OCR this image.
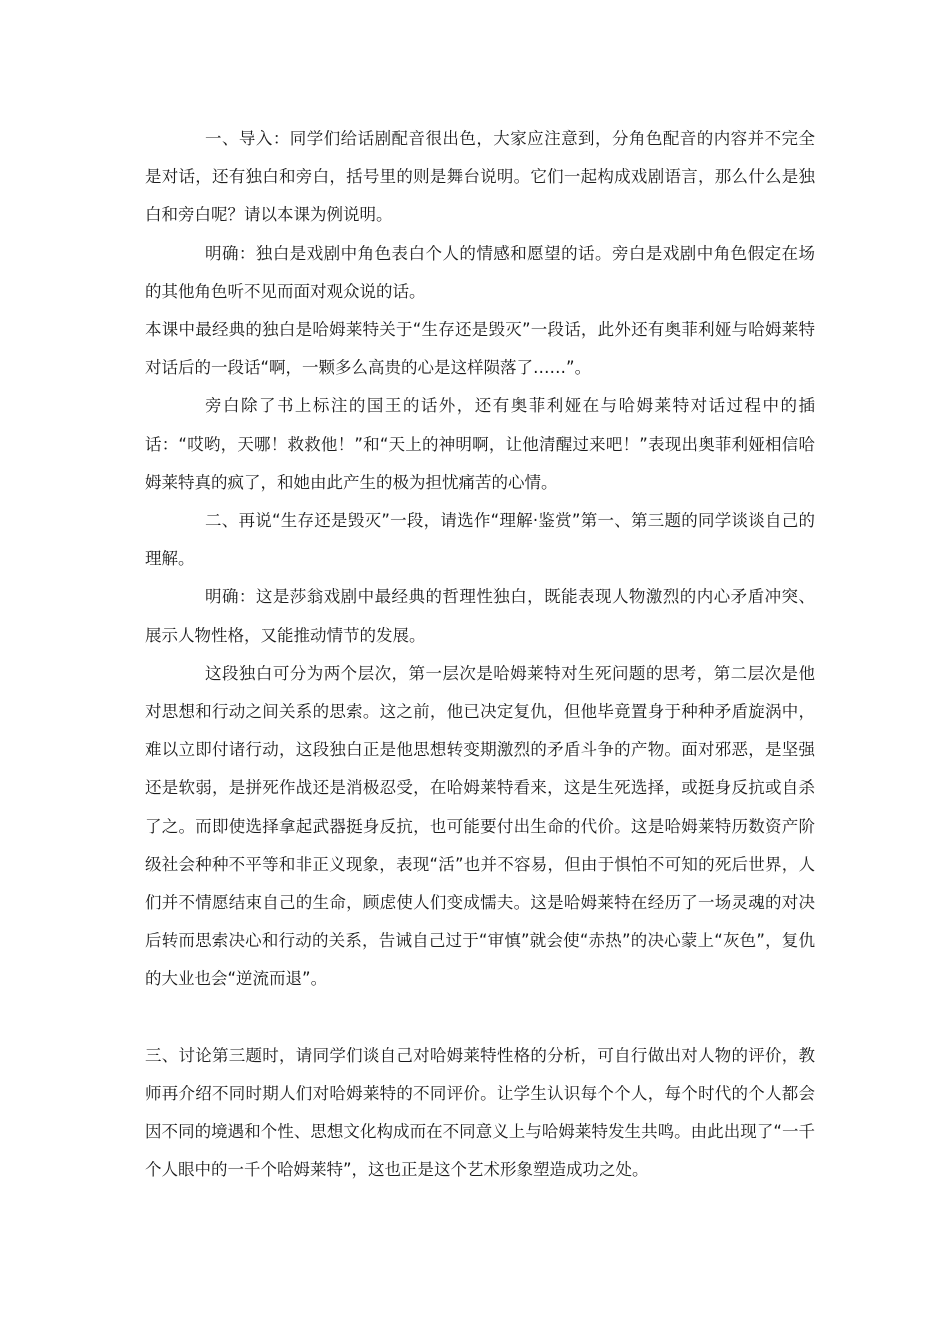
一、导入：同学们给话剧配音很出色，大家应注意到，分角色配音的内容并不完全是对话，还有独白和旁白，括号里的则是舞台说明。它们一起构成戏剧语言，那么什么是独白和旁白呢？请以本课为例说明。

明确：独白是戏剧中角色表白个人的情感和愿望的话。旁白是戏剧中角色假定在场的其他角色听不见而面对观众说的话。

本课中最经典的独白是哈姆莱特关于“生存还是毁灭”一段话，此外还有奥菲利娅与哈姆莱特对话后的一段话“啊，一颗多么高贵的心是这样陨落了……”。

旁白除了书上标注的国王的话外，还有奥菲利娅在与哈姆莱特对话过程中的插话：“哎哟，天哪！救救他！”和“天上的神明啊，让他清醒过来吧！”表现出奥菲利娅相信哈姆莱特真的疯了，和她由此产生的极为担忧痛苦的心情。

二、再说“生存还是毁灭”一段，请选作“理解·鉴赏”第一、第三题的同学谈谈自己的理解。

明确：这是莎翁戏剧中最经典的哲理性独白，既能表现人物激烈的内心矛盾冲突、展示人物性格，又能推动情节的发展。

这段独白可分为两个层次，第一层次是哈姆莱特对生死问题的思考，第二层次是他对思想和行动之间关系的思索。这之前，他已决定复仇，但他毕竟置身于种种矛盾旋涡中，难以立即付诸行动，这段独白正是他思想转变期激烈的矛盾斗争的产物。面对邪恶，是坚强还是软弱，是拼死作战还是消极忍受，在哈姆莱特看来，这是生死选择，或挺身反抗或自杀了之。而即使选择拿起武器挺身反抗，也可能要付出生命的代价。这是哈姆莱特历数资产阶级社会种种不平等和非正义现象，表现“活”也并不容易，但由于惧怕不可知的死后世界，人们并不情愿结束自己的生命，顾虑使人们变成懦夫。这是哈姆莱特在经历了一场灵魂的对决后转而思索决心和行动的关系，告诫自己过于“审慎”就会使“赤热”的决心蒙上“灰色”，复仇的大业也会“逆流而退”。

三、讨论第三题时，请同学们谈自己对哈姆莱特性格的分析，可自行做出对人物的评价，教师再介绍不同时期人们对哈姆莱特的不同评价。让学生认识每个个人，每个时代的个人都会因不同的境遇和个性、思想文化构成而在不同意义上与哈姆莱特发生共鸣。由此出现了“一千个人眼中的一千个哈姆莱特”，这也正是这个艺术形象塑造成功之处。
